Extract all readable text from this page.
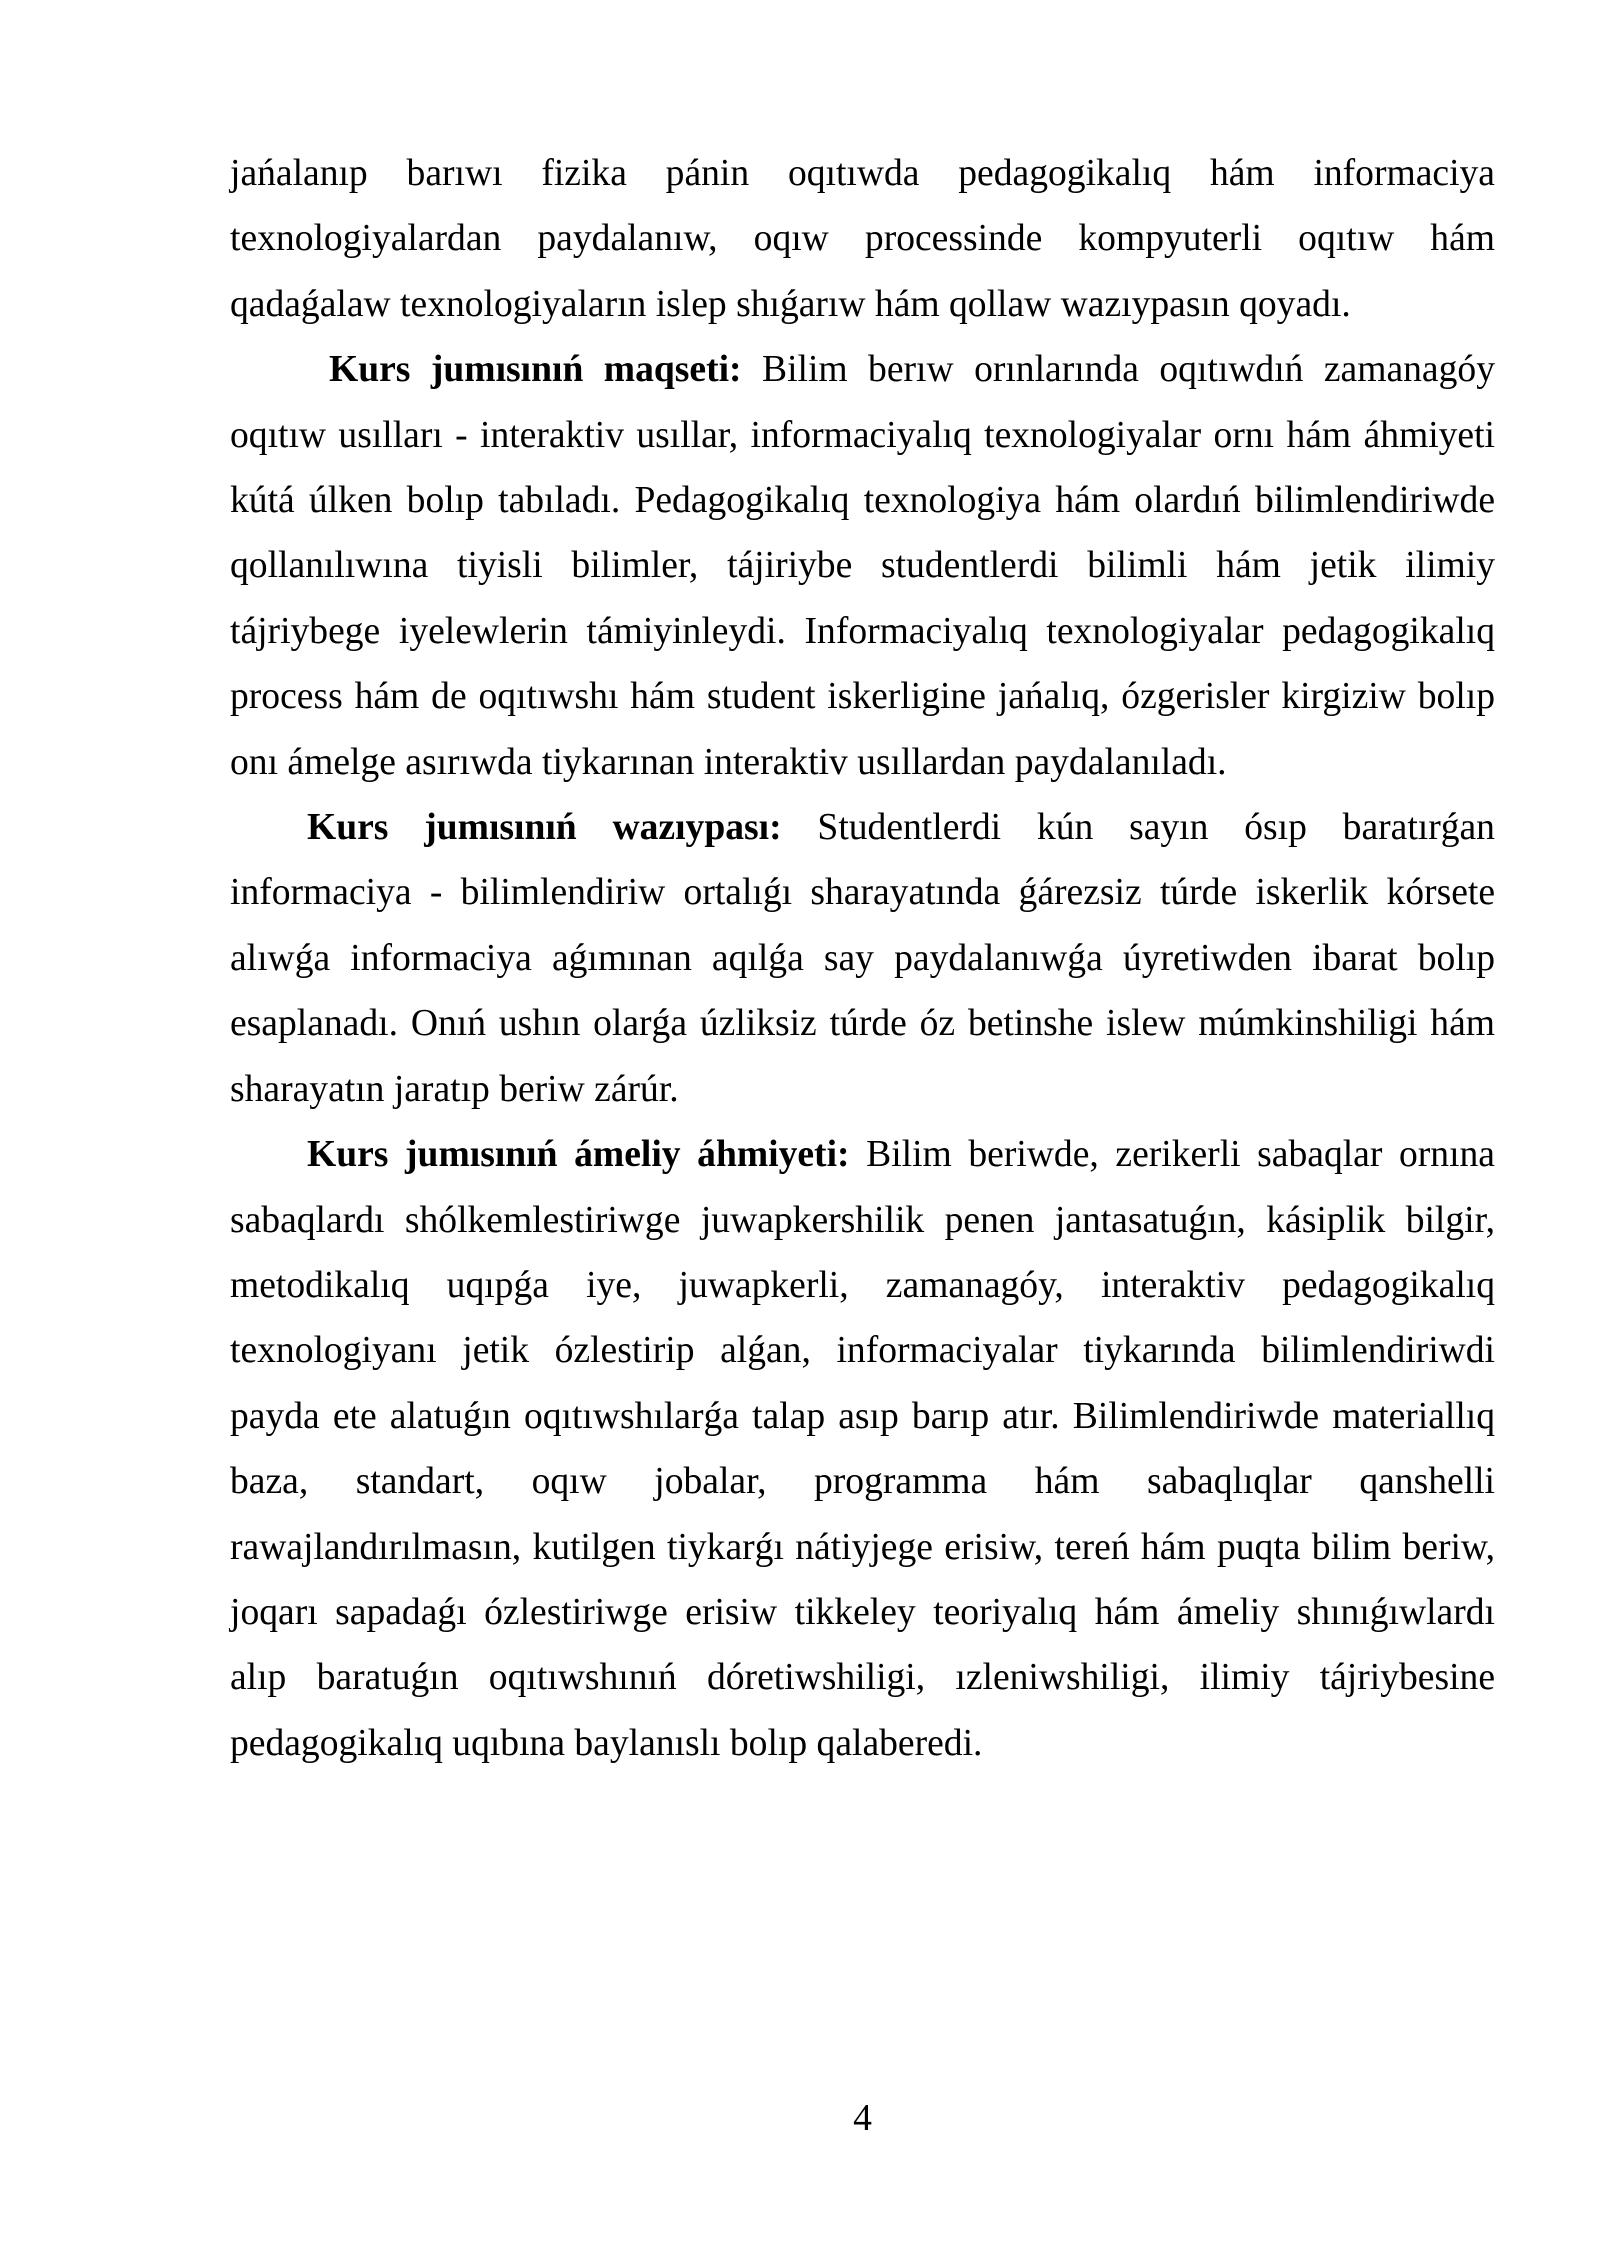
jańalanıp barıwı fizika pánin oqıtıwda pedagogikalıq hám informaciya texnologiyalardan paydalanıw, oqıw processinde kompyuterli oqıtıw hám qadaǵalaw texnologiyaların islep shıǵarıw hám qollaw wazıypasın qoyadı.

Kurs jumısınıń maqseti: Bilim berıw orınlarında oqıtıwdıń zamanagóy oqıtıw usılları - interaktiv usıllar, informaciyalıq texnologiyalar ornı hám áhmiyeti kútá úlken bolıp tabıladı. Pedagogikalıq texnologiya hám olardıń bilimlendiriwde qollanılıwına tiyisli bilimler, tájiriybe studentlerdi bilimli hám jetik ilimiy tájriybege iyelewlerin támiyinleydi. Informaciyalıq texnologiyalar pedagogikalıq process hám de oqıtıwshı hám student iskerligine jańalıq, ózgerisler kirgiziw bolıp onı ámelge asırıwda tiykarınan interaktiv usıllardan paydalanıladı.

Kurs jumısınıń wazıypası: Studentlerdi kún sayın ósıp baratırǵan informaciya - bilimlendiriw ortalıǵı sharayatında ǵárezsiz túrde iskerlik kórsete alıwǵa informaciya aǵımınan aqılǵa say paydalanıwǵa úyretiwden ibarat bolıp esaplanadı. Onıń ushın olarǵa úzliksiz túrde óz betinshe islew múmkinshiligi hám sharayatın jaratıp beriw zárúr.

Kurs jumısınıń ámeliy áhmiyeti: Bilim beriwde, zerikerli sabaqlar ornına sabaqlardı shólkemlestiriwge juwapkershilik penen jantasatuǵın, kásiplik bilgir, metodikalıq uqıpǵa iye, juwapkerli, zamanagóy, interaktiv pedagogikalıq texnologiyanı jetik ózlestirip alǵan, informaciyalar tiykarında bilimlendiriwdi payda ete alatuǵın oqıtıwshılarǵa talap asıp barıp atır. Bilimlendiriwde materiallıq baza, standart, oqıw jobalar, programma hám sabaqlıqlar qanshelli rawajlandırılmasın, kutilgen tiykarǵı nátiyjege erisiw, tereń hám puqta bilim beriw, joqarı sapadaǵı ózlestiriwge erisiw tikkeley teoriyalıq hám ámeliy shınıǵıwlardı alıp baratuǵın oqıtıwshınıń dóretiwshiligi, ızleniwshiligi, ilimiy tájriybesine pedagogikalıq uqıbına baylanıslı bolıp qalaberedi.

4
